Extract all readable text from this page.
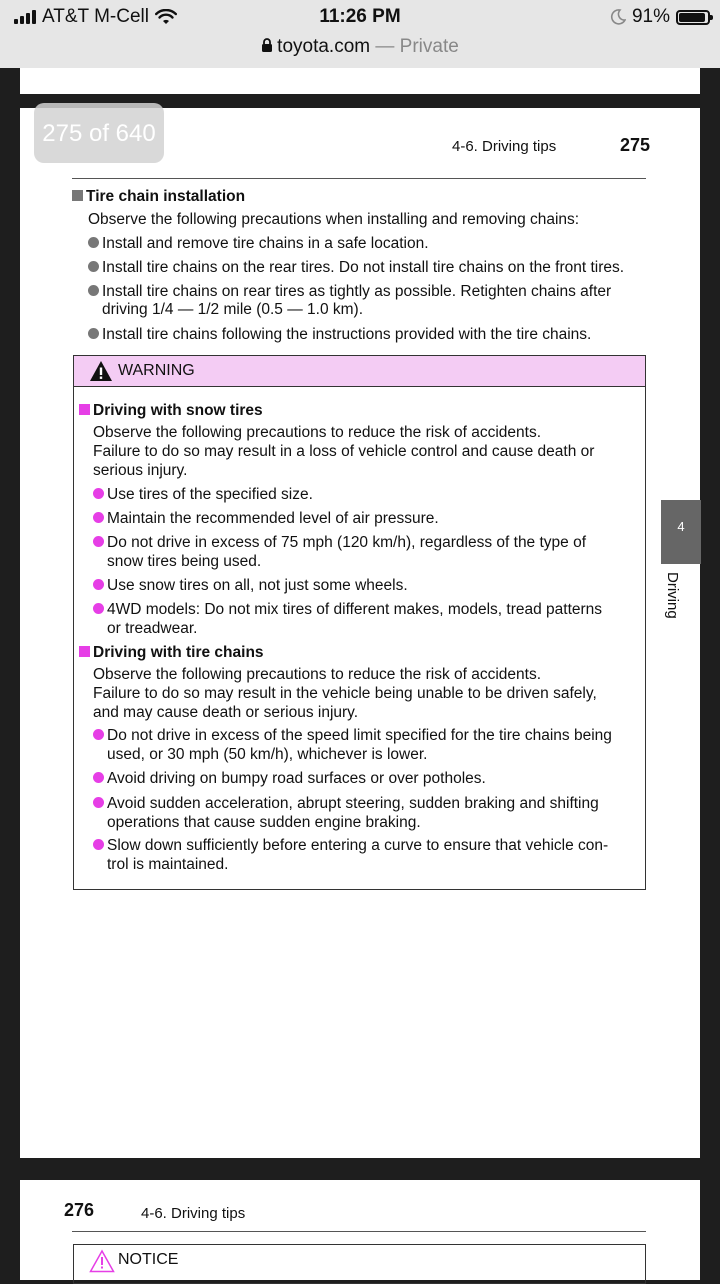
AT&T M-Cell	11:26 PM	91%
toyota.com — Private
275 of 640	4-6. Driving tips	275
Tire chain installation
Observe the following precautions when installing and removing chains:
Install and remove tire chains in a safe location.
Install tire chains on the rear tires. Do not install tire chains on the front tires.
Install tire chains on rear tires as tightly as possible. Retighten chains after
driving 1/4 — 1/2 mile (0.5 — 1.0 km).
Install tire chains following the instructions provided with the tire chains.
WARNING
Driving with snow tires
Observe the following precautions to reduce the risk of accidents.
Failure to do so may result in a loss of vehicle control and cause death or
serious injury.
Use tires of the specified size.
Maintain the recommended level of air pressure.
Do not drive in excess of 75 mph (120 km/h), regardless of the type of
snow tires being used.
Use snow tires on all, not just some wheels.
4WD models: Do not mix tires of different makes, models, tread patterns
or treadwear.
Driving with tire chains
Observe the following precautions to reduce the risk of accidents.
Failure to do so may result in the vehicle being unable to be driven safely,
and may cause death or serious injury.
Do not drive in excess of the speed limit specified for the tire chains being
used, or 30 mph (50 km/h), whichever is lower.
Avoid driving on bumpy road surfaces or over potholes.
Avoid sudden acceleration, abrupt steering, sudden braking and shifting
operations that cause sudden engine braking.
Slow down sufficiently before entering a curve to ensure that vehicle con-
trol is maintained.
4
Driving
276	4-6. Driving tips
NOTICE
